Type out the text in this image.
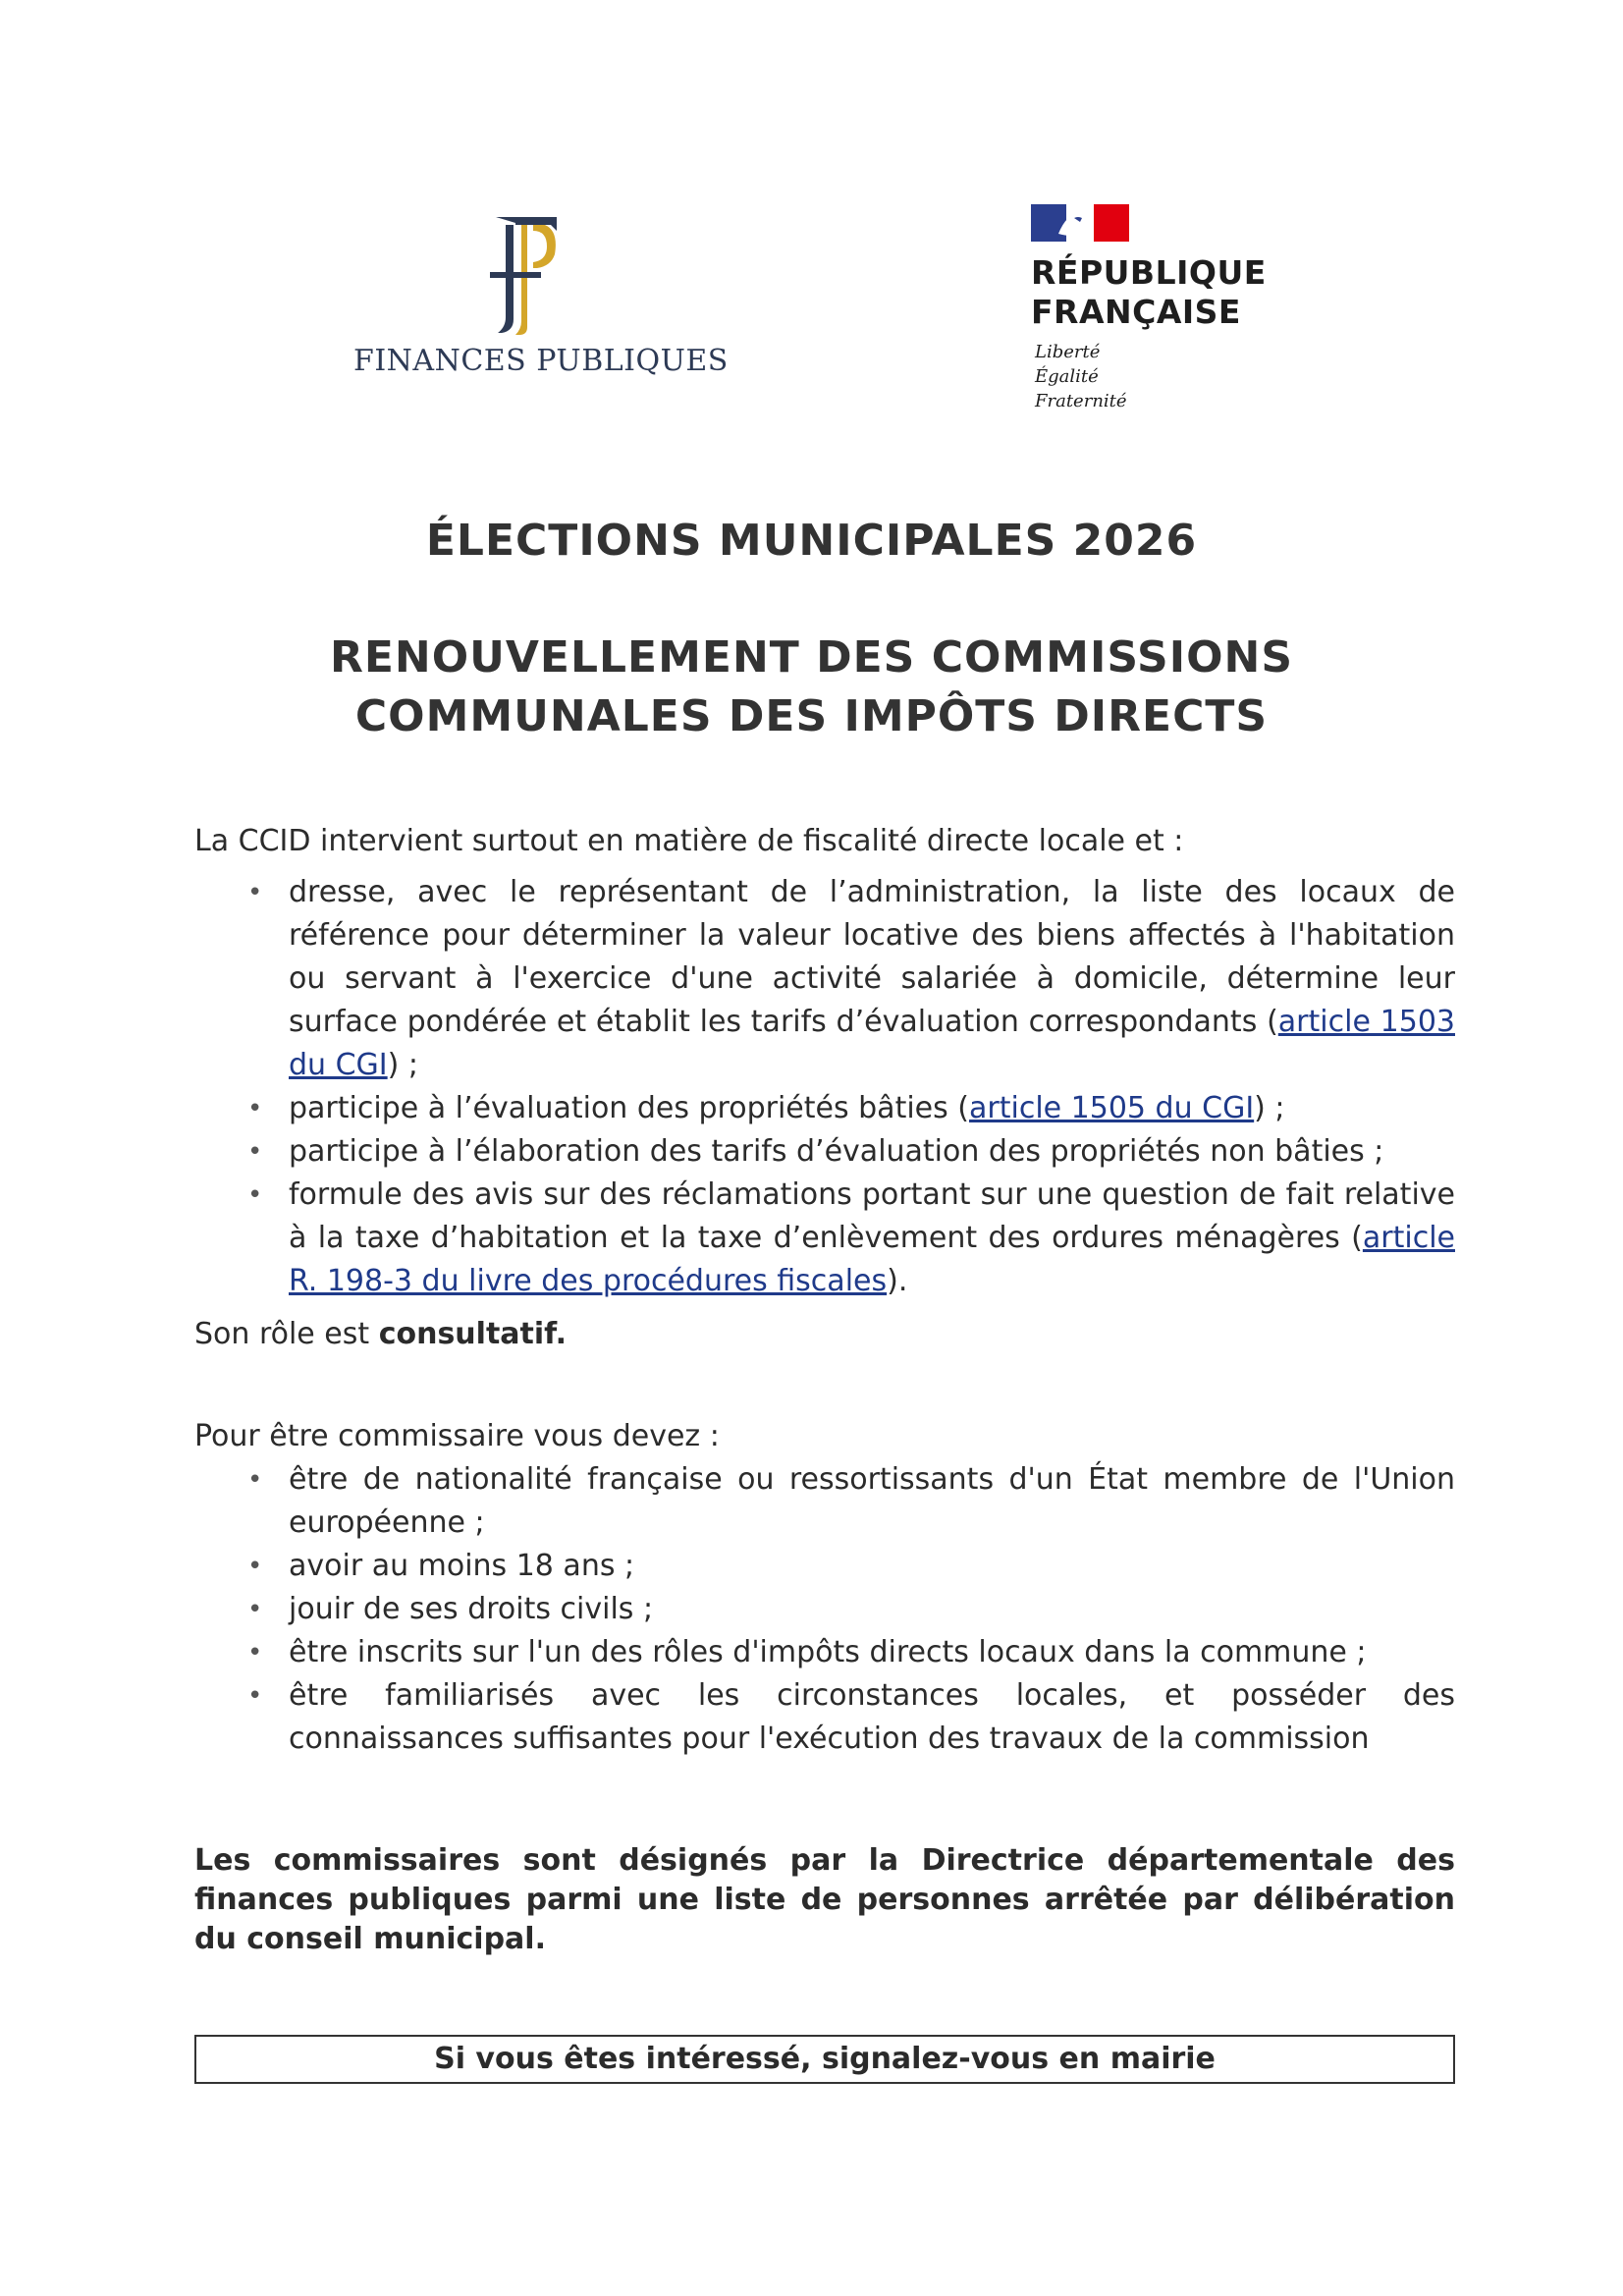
FINANCES PUBLIQUES
RÉPUBLIQUE
FRANÇAISE
Liberté
Égalité
Fraternité
ÉLECTIONS MUNICIPALES 2026
RENOUVELLEMENT DES COMMISSIONS
COMMUNALES DES IMPÔTS DIRECTS

La CCID intervient surtout en matière de fiscalité directe locale et :

• dresse, avec le représentant de l’administration, la liste des locaux de référence pour déterminer la valeur locative des biens affectés à l'habitation ou servant à l'exercice d'une activité salariée à domicile, détermine leur surface pondérée et établit les tarifs d’évaluation correspondants (article 1503 du CGI) ;
• participe à l’évaluation des propriétés bâties (article 1505 du CGI) ;
• participe à l’élaboration des tarifs d’évaluation des propriétés non bâties ;
• formule des avis sur des réclamations portant sur une question de fait relative à la taxe d’habitation et la taxe d’enlèvement des ordures ménagères (article R. 198-3 du livre des procédures fiscales).

Son rôle est consultatif.

Pour être commissaire vous devez :

• être de nationalité française ou ressortissants d'un État membre de l'Union européenne ;
• avoir au moins 18 ans ;
• jouir de ses droits civils ;
• être inscrits sur l'un des rôles d'impôts directs locaux dans la commune ;
• être familiarisés avec les circonstances locales, et posséder des connaissances suffisantes pour l'exécution des travaux de la commission

Les commissaires sont désignés par la Directrice départementale des finances publiques parmi une liste de personnes arrêtée par délibération du conseil municipal.

Si vous êtes intéressé, signalez-vous en mairie
